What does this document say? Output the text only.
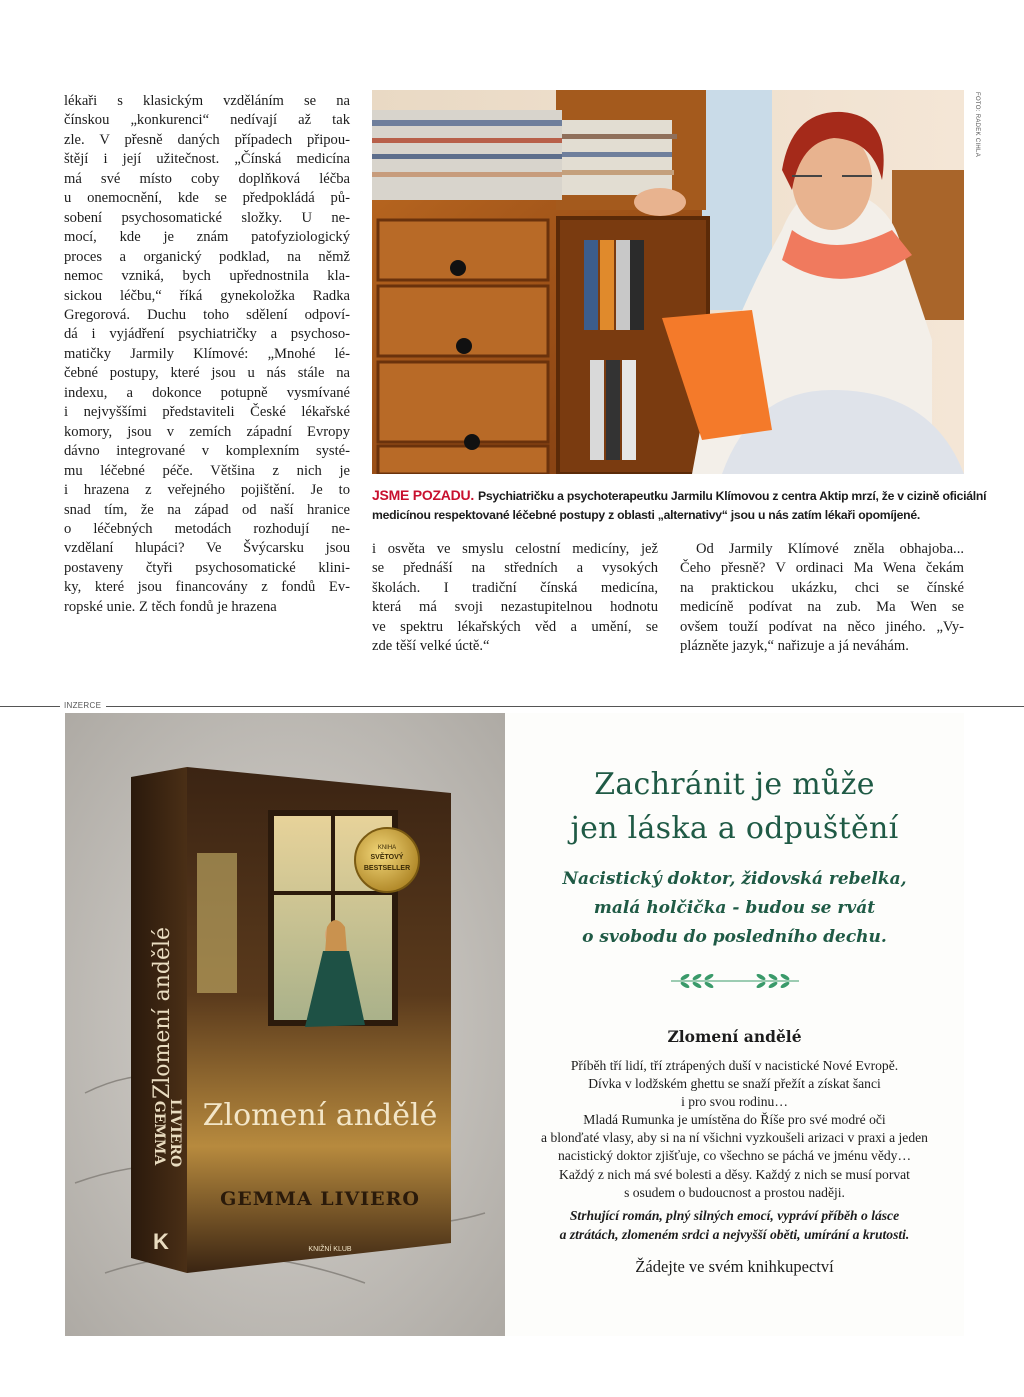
lékaři s klasickým vzděláním se na
čínskou „konkurenci“ nedívají až tak
zle. V přesně daných případech připou-
štějí i její užitečnost. „Čínská medicína
má své místo coby doplňková léčba
u onemocnění, kde se předpokládá pů-
sobení psychosomatické složky. U ne-
mocí, kde je znám patofyziologický
proces a organický podklad, na němž
nemoc vzniká, bych upřednostnila kla-
sickou léčbu,“ říká gynekoložka Radka
Gregorová. Duchu toho sdělení odpoví-
dá i vyjádření psychiatričky a psychoso-
matičky Jarmily Klímové: „Mnohé lé-
čebné postupy, které jsou u nás stále na
indexu, a dokonce potupně vysmívané
i nejvyššími představiteli České lékařské
komory, jsou v zemích západní Evropy
dávno integrované v komplexním systé-
mu léčebné péče. Většina z nich je
i hrazena z veřejného pojištění. Je to
snad tím, že na západ od naší hranice
o léčebných metodách rozhodují ne-
vzdělaní hlupáci? Ve Švýcarsku jsou
postaveny čtyři psychosomatické klini-
ky, které jsou financovány z fondů Ev-
ropské unie. Z těch fondů je hrazena
FOTO: RADEK CIHLA
JSME POZADU. Psychiatričku a psychoterapeutku Jarmilu Klímovou z centra Aktip mrzí, že v cizině oficiální
medicínou respektované léčebné postupy z oblasti „alternativy“ jsou u nás zatím lékaři opomíjené.
i osvěta ve smyslu celostní medicíny, jež
se přednáší na středních a vysokých
školách. I tradiční čínská medicína,
která má svoji nezastupitelnou hodnotu
ve spektru lékařských věd a umění, se
zde těší velké úctě.“
Od Jarmily Klímové zněla obhajoba...
Čeho přesně? V ordinaci Ma Wena čekám
na praktickou ukázku, chci se čínské
medicíně podívat na zub. Ma Wen se
ovšem touží podívat na něco jiného. „Vy-
plázněte jazyk,“ nařizuje a já neváhám.
INZERCE
KNIHA
SVĚTOVÝ
BESTSELLER
Zlomení andělé
GEMMA LIVIERO
KNIŽNÍ KLUB
Zlomení andělé
GEMMA LIVIERO
K
Zachránit je může
jen láska a odpuštění
Nacistický doktor, židovská rebelka,
malá holčička - budou se rvát
o svobodu do posledního dechu.
Zlomení andělé
Příběh tří lidí, tří ztrápených duší v nacistické Nové Evropě.
Dívka v lodžském ghettu se snaží přežít a získat šanci
i pro svou rodinu…
Mladá Rumunka je umístěna do Říše pro své modré oči
a blonďaté vlasy, aby si na ní všichni vyzkoušeli arizaci v praxi a jeden
nacistický doktor zjišťuje, co všechno se páchá ve jménu vědy…
Každý z nich má své bolesti a děsy. Každý z nich se musí porvat
s osudem o budoucnost a prostou naději.
Strhující román, plný silných emocí, vypráví příběh o lásce
a ztrátách, zlomeném srdci a nejvyšší oběti, umírání a krutosti.
Žádejte ve svém knihkupectví
